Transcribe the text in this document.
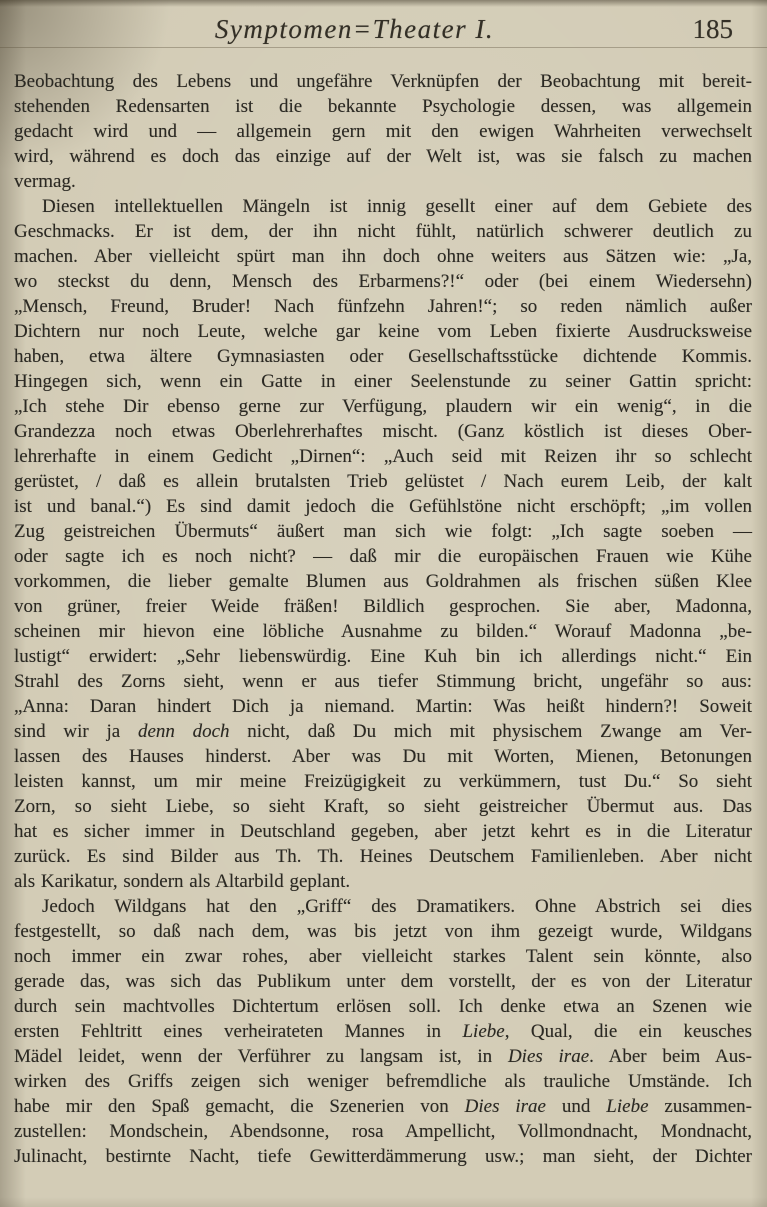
Symptomen=Theater I.	185
Beobachtung des Lebens und ungefähre Verknüpfen der Beobachtung mit bereit-
stehenden Redensarten ist die bekannte Psychologie dessen, was allgemein
gedacht wird und — allgemein gern mit den ewigen Wahrheiten verwechselt
wird, während es doch das einzige auf der Welt ist, was sie falsch zu machen
vermag.
Diesen intellektuellen Mängeln ist innig gesellt einer auf dem Gebiete des
Geschmacks. Er ist dem, der ihn nicht fühlt, natürlich schwerer deutlich zu
machen. Aber vielleicht spürt man ihn doch ohne weiters aus Sätzen wie: „Ja,
wo steckst du denn, Mensch des Erbarmens?!“ oder (bei einem Wiedersehn)
„Mensch, Freund, Bruder! Nach fünfzehn Jahren!“; so reden nämlich außer
Dichtern nur noch Leute, welche gar keine vom Leben fixierte Ausdrucksweise
haben, etwa ältere Gymnasiasten oder Gesellschaftsstücke dichtende Kommis.
Hingegen sich, wenn ein Gatte in einer Seelenstunde zu seiner Gattin spricht:
„Ich stehe Dir ebenso gerne zur Verfügung, plaudern wir ein wenig“, in die
Grandezza noch etwas Oberlehrerhaftes mischt. (Ganz köstlich ist dieses Ober-
lehrerhafte in einem Gedicht „Dirnen“: „Auch seid mit Reizen ihr so schlecht
gerüstet, / daß es allein brutalsten Trieb gelüstet / Nach eurem Leib, der kalt
ist und banal.“) Es sind damit jedoch die Gefühlstöne nicht erschöpft; „im vollen
Zug geistreichen Übermuts“ äußert man sich wie folgt: „Ich sagte soeben —
oder sagte ich es noch nicht? — daß mir die europäischen Frauen wie Kühe
vorkommen, die lieber gemalte Blumen aus Goldrahmen als frischen süßen Klee
von grüner, freier Weide fräßen! Bildlich gesprochen. Sie aber, Madonna,
scheinen mir hievon eine löbliche Ausnahme zu bilden.“ Worauf Madonna „be-
lustigt“ erwidert: „Sehr liebenswürdig. Eine Kuh bin ich allerdings nicht.“ Ein
Strahl des Zorns sieht, wenn er aus tiefer Stimmung bricht, ungefähr so aus:
„Anna: Daran hindert Dich ja niemand. Martin: Was heißt hindern?! Soweit
sind wir ja denn doch nicht, daß Du mich mit physischem Zwange am Ver-
lassen des Hauses hinderst. Aber was Du mit Worten, Mienen, Betonungen
leisten kannst, um mir meine Freizügigkeit zu verkümmern, tust Du.“ So sieht
Zorn, so sieht Liebe, so sieht Kraft, so sieht geistreicher Übermut aus. Das
hat es sicher immer in Deutschland gegeben, aber jetzt kehrt es in die Literatur
zurück. Es sind Bilder aus Th. Th. Heines Deutschem Familienleben. Aber nicht
als Karikatur, sondern als Altarbild geplant.
Jedoch Wildgans hat den „Griff“ des Dramatikers. Ohne Abstrich sei dies
festgestellt, so daß nach dem, was bis jetzt von ihm gezeigt wurde, Wildgans
noch immer ein zwar rohes, aber vielleicht starkes Talent sein könnte, also
gerade das, was sich das Publikum unter dem vorstellt, der es von der Literatur
durch sein machtvolles Dichtertum erlösen soll. Ich denke etwa an Szenen wie
ersten Fehltritt eines verheirateten Mannes in Liebe, Qual, die ein keusches
Mädel leidet, wenn der Verführer zu langsam ist, in Dies irae. Aber beim Aus-
wirken des Griffs zeigen sich weniger befremdliche als trauliche Umstände. Ich
habe mir den Spaß gemacht, die Szenerien von Dies irae und Liebe zusammen-
zustellen: Mondschein, Abendsonne, rosa Ampellicht, Vollmondnacht, Mondnacht,
Julinacht, bestirnte Nacht, tiefe Gewitterdämmerung usw.; man sieht, der Dichter
